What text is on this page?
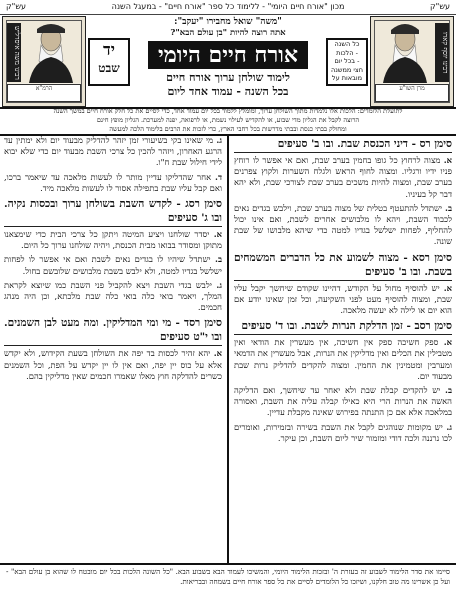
עש"ק	מכון "אורח חיים היומי" - ללימוד כל ספר "אורח חיים" - במעגל השנה	עש"ק
רבינו משה איסרליש
הרמ"א
יד
שבט
"משה" שואל מחבירו "יעקב":
אתה רוצה להיות "בן עולם הבא"?
אורח חיים היומי
לימוד שולחן ערוך אורח חיים
בכל השנה - עמוד אחד ליום
כל השנה
- הלכות
- בכל יום
חצי ממשנה
מובאות על
רבינו יוסף קארו
מרן השו"ע
לתועלת הלומדים: הלכות אלו נלמדות מתוך השולחן ערוך, ומומלץ ללמוד בכל יום עמוד אחד, כדי לסיים את כל חלק אורח חיים במשך השנה
הרוצה לקבל את הגליון מדי שבוע, או להקדיש לעילוי נשמת, או לרפואה, יפנה למערכת. הגליון מופץ חינם
ומחולק בבתי כנסת ובבתי מדרשות בכל רחבי הארץ, כדי לזכות את הרבים בלימוד הלכה למעשה
סימן רס - דיני הכנסת שבת. ובו ב' סעיפים

א. מצוה לרחוץ כל גופו בחמין בערב שבת, ואם אי אפשר לו רוחץ פניו ידיו ורגליו. ומצוה לחוף הראש ולגלח השערות ולקוץ צפרנים בערב שבת, ומצוה להיות משכים בערב שבת לצורכי שבת, ולא יהא דבר קל בעיניו.

ב. ישתדל להתעטף בטלית של מצוה בערב שבת, וילבש בגדים נאים לכבוד השבת, ויהא לו מלבושים אחרים לשבת, ואם אינו יכול להחליף, לפחות ישלשל בגדיו למטה כדי שיהא מלבושו של שבת שונה.

סימן רסא - מצוה לשמוע את כל הדברים המשמחים בשבת. ובו ב' סעיפים

א. יש להוסיף מחול על הקודש, דהיינו שקודם שיחשך יקבל עליו שבת, ומצוה להוסיף מעט לפני השקיעה, וכל זמן שאינו יודע אם הוא יום או לילה לא יעשה מלאכה.

סימן רסב - זמן הדלקת הנרות לשבת. ובו ד' סעיפים

א. ספק חשיכה ספק אין חשיכה, אין מעשרין את הודאי ואין מטבילין את הכלים ואין מדליקין את הנרות, אבל מעשרין את הדמאי ומערבין ומטמינין את החמין. ומצוה להקדים להדליק נרות שבת מבעוד יום.

ב. יש להקדים קבלת שבת ולא יאחר עד שיחשך, ואם הדליקה האשה את הנרות הרי היא כאילו קבלה עליה את השבת, ואסורה במלאכה אלא אם כן התנתה בפירוש שאינה מקבלת עדיין.

ג. יש מקומות שנוהגים לקבל את השבת בשירה ובזמירות, ואומרים לכו נרננה ולכה דודי ומזמור שיר ליום השבת, וכן עיקר.

ג. מי שאינו בקי בשיעורי זמן יזהר להדליק מבעוד יום ולא ימתין עד הרגע האחרון, ויזהר להכין כל צרכי השבת מבעוד יום כדי שלא יבוא לידי חילול שבת ח"ו.

ד. אחר שהדליקו עדיין מותר לו לעשות מלאכה עד שיאמר ברכו, ואם קבל עליו שבת בתפילה אסור לו לעשות מלאכה מיד.

סימן רסג - לקדש השבת בשולחן ערוך ובכסות נקיה. ובו ג' סעיפים

א. יסדר שולחנו ויציע המיטה ויתקן כל צרכי הבית כדי שימצאנו מתוקן ומסודר בבואו מבית הכנסת, ויהיה שולחנו ערוך כל היום.

ב. ישתדל שיהיו לו בגדים נאים לשבת ואם אי אפשר לו לפחות ישלשל בגדיו למטה, ולא ילבש בשבת מלבושים שלובשם בחול.

ג. ילבש בגדי השבת ויצא להקביל פני השבת כמו שיוצא לקראת המלך, ויאמר בואי כלה בואי כלה שבת מלכתא, וכן היה מנהג חכמים.

סימן רסד - מי ומי המדליקין. ומה מעט לבן השמנים. ובו י"ט סעיפים

א. יהא זהיר לכסות בד יפה את השולחן בשעת הקידוש, ולא יקדש אלא על כוס יין יפה, ואם אין לו יין יקדש על הפת, וכל השמנים כשרים להדלקה חוץ מאלו שאמרו חכמים שאין מדליקין בהם.

סיימו את סדר הלימוד לשבוע זה בעזרת ה' ובזכות הלימוד היומי, והמשיכו לעמוד הבא בשבוע הבא. "כל השונה הלכות בכל יום מובטח לו שהוא בן עולם הבא" - ועל כן אשרינו מה טוב חלקנו, ושיזכו כל הלומדים לסיים את כל ספר אורח חיים בשמחה ובבריאות.
